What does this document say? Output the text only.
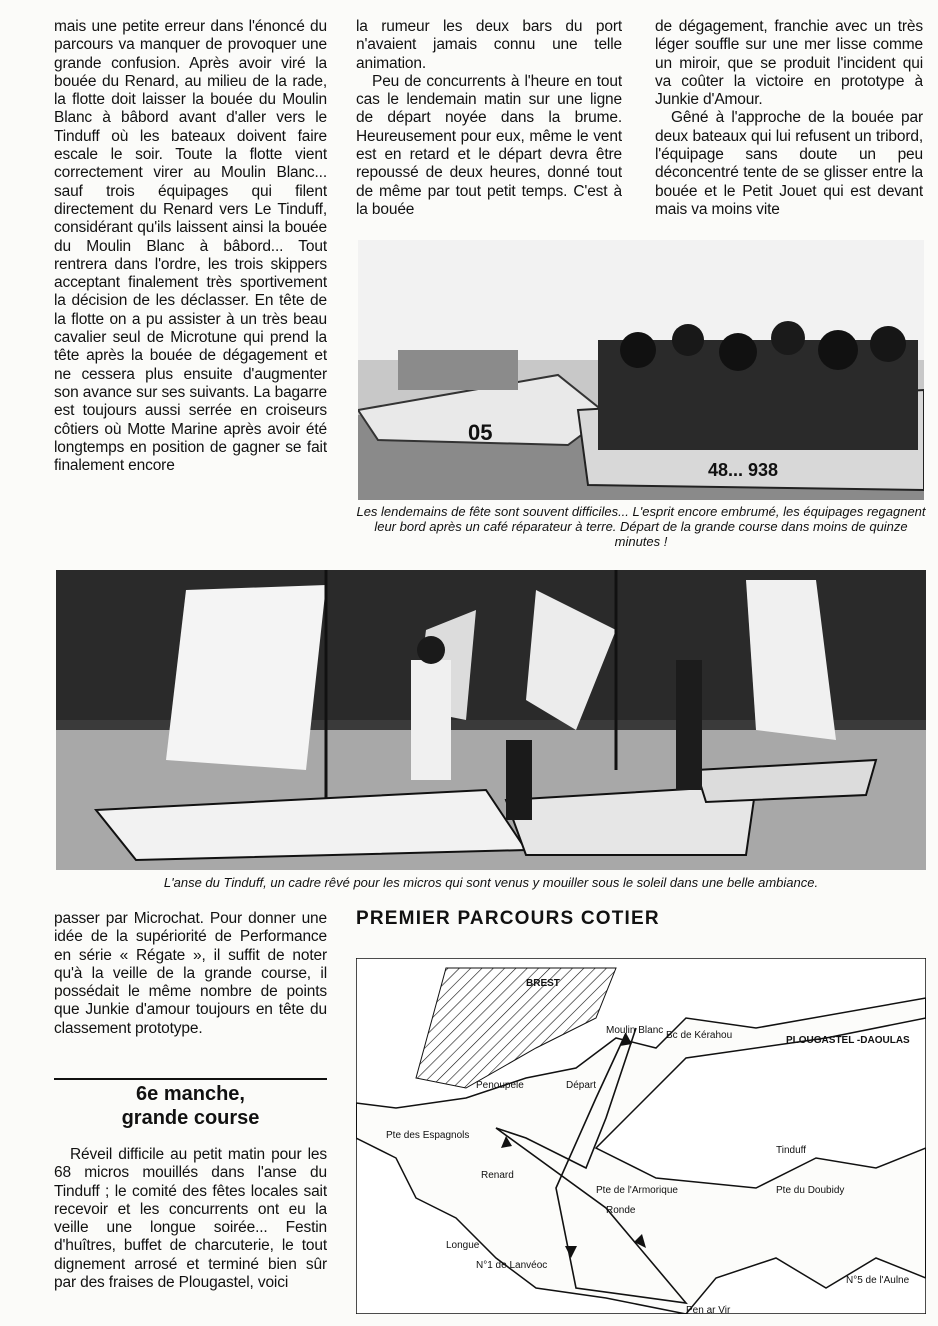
mais une petite erreur dans l'énoncé du parcours va manquer de provoquer une grande confusion. Après avoir viré la bouée du Renard, au milieu de la rade, la flotte doit laisser la bouée du Moulin Blanc à bâbord avant d'aller vers le Tinduff où les bateaux doivent faire escale le soir. Toute la flotte vient correctement virer au Moulin Blanc... sauf trois équipages qui filent directement du Renard vers Le Tinduff, considérant qu'ils laissent ainsi la bouée du Moulin Blanc à bâbord... Tout rentrera dans l'ordre, les trois skippers acceptant finalement très sportivement la décision de les déclasser. En tête de la flotte on a pu assister à un très beau cavalier seul de Microtune qui prend la tête après la bouée de dégagement et ne cessera plus ensuite d'augmenter son avance sur ses suivants. La bagarre est toujours aussi serrée en croiseurs côtiers où Motte Marine après avoir été longtemps en position de gagner se fait finalement encore

la rumeur les deux bars du port n'avaient jamais connu une telle animation.

Peu de concurrents à l'heure en tout cas le lendemain matin sur une ligne de départ noyée dans la brume. Heureusement pour eux, même le vent est en retard et le départ devra être repoussé de deux heures, donné tout de même par tout petit temps. C'est à la bouée

de dégagement, franchie avec un très léger souffle sur une mer lisse comme un miroir, que se produit l'incident qui va coûter la victoire en prototype à Junkie d'Amour.

Gêné à l'approche de la bouée par deux bateaux qui lui refusent un tribord, l'équipage sans doute un peu déconcentré tente de se glisser entre la bouée et le Petit Jouet qui est devant mais va moins vite

05
48... 938
Les lendemains de fête sont souvent difficiles... L'esprit encore embrumé, les équipages regagnent leur bord après un café réparateur à terre. Départ de la grande course dans moins de quinze minutes !
L'anse du Tinduff, un cadre rêvé pour les micros qui sont venus y mouiller sous le soleil dans une belle ambiance.

passer par Microchat. Pour donner une idée de la supériorité de Performance en série « Régate », il suffit de noter qu'à la veille de la grande course, il possédait le même nombre de points que Junkie d'amour toujours en tête du classement prototype.

6e manche,
grande course

Réveil difficile au petit matin pour les 68 micros mouillés dans l'anse du Tinduff ; le comité des fêtes locales sait recevoir et les concurrents ont eu la veille une longue soirée... Festin d'huîtres, buffet de charcuterie, le tout dignement arrosé et terminé bien sûr par des fraises de Plougastel, voici

PREMIER PARCOURS COTIER
BREST
Moulin Blanc Bc de Kérahou	PLOUGASTEL -DAOULAS
Penoupele	Départ
Pte des Espagnols
Renard
Pte de l'Armorique
Ronde
Tinduff
Pte du Doubidy
Longue
N°1 de Lanvéoc
N°5 de l'Aulne
Pen ar Vir
